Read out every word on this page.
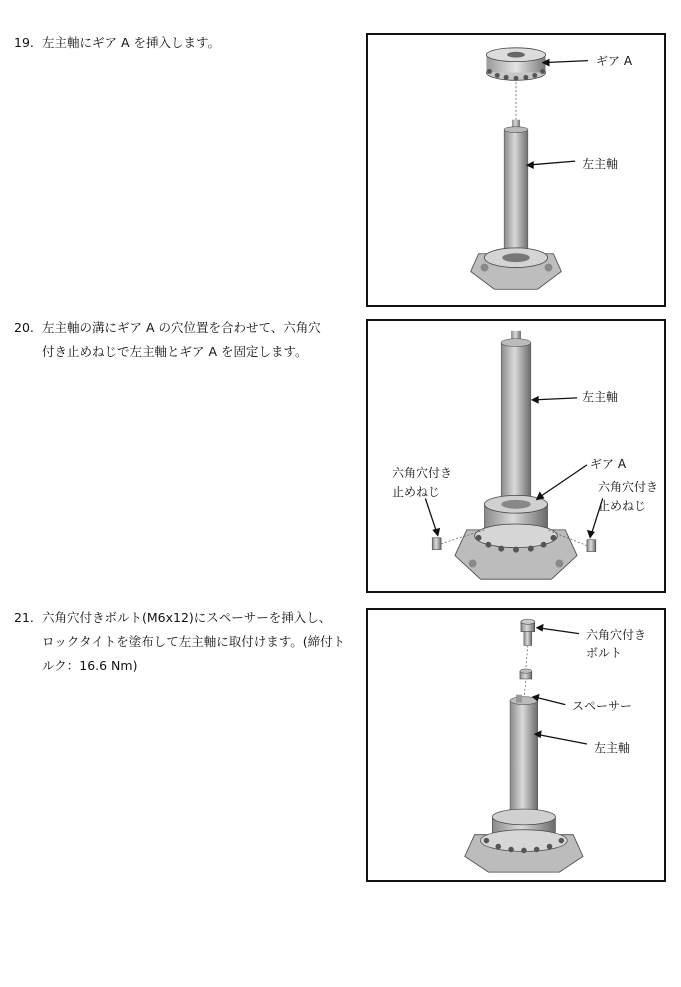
19. 左主軸にギア A を挿入します。
ギア A
左主軸
20. 左主軸の溝にギア A の穴位置を合わせて、六角穴
付き止めねじで左主軸とギア A を固定します。
左主軸
ギア A
六角穴付き
止めねじ	六角穴付き
止めねじ
21. 六角穴付きボルト(M6x12)にスペーサーを挿入し、
ロックタイトを塗布して左主軸に取付けます。(締付ト
ルク：16.6 Nm)
六角穴付き
ボルト
スペーサー
左主軸
